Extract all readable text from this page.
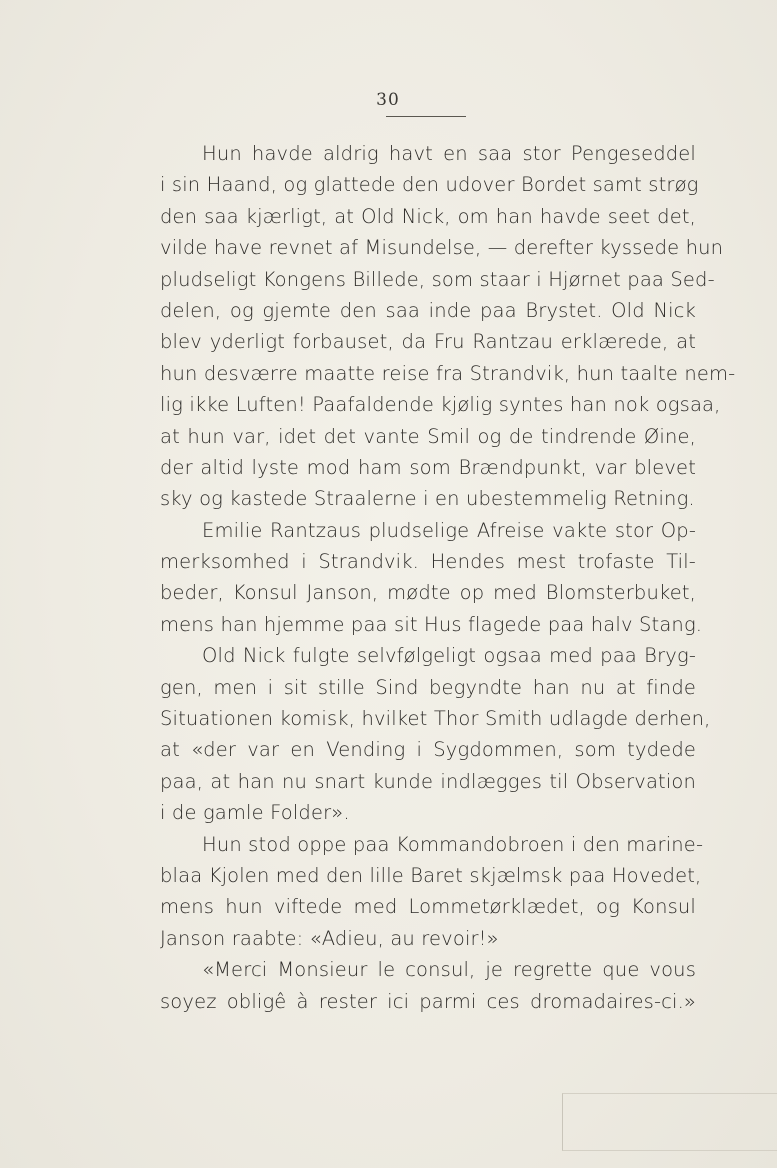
30
Hun havde aldrig havt en saa stor Pengeseddel
i sin Haand, og glattede den udover Bordet samt strøg
den saa kjærligt, at Old Nick, om han havde seet det,
vilde have revnet af Misundelse, — derefter kyssede hun
pludseligt Kongens Billede, som staar i Hjørnet paa Sed-
delen, og gjemte den saa inde paa Brystet. Old Nick
blev yderligt forbauset, da Fru Rantzau erklærede, at
hun desværre maatte reise fra Strandvik, hun taalte nem-
lig ikke Luften! Paafaldende kjølig syntes han nok ogsaa,
at hun var, idet det vante Smil og de tindrende Øine,
der altid lyste mod ham som Brændpunkt, var blevet
sky og kastede Straalerne i en ubestemmelig Retning.
Emilie Rantzaus pludselige Afreise vakte stor Op-
merksomhed i Strandvik. Hendes mest trofaste Til-
beder, Konsul Janson, mødte op med Blomsterbuket,
mens han hjemme paa sit Hus flagede paa halv Stang.
Old Nick fulgte selvfølgeligt ogsaa med paa Bryg-
gen, men i sit stille Sind begyndte han nu at finde
Situationen komisk, hvilket Thor Smith udlagde derhen,
at «der var en Vending i Sygdommen, som tydede
paa, at han nu snart kunde indlægges til Observation
i de gamle Folder».
Hun stod oppe paa Kommandobroen i den marine-
blaa Kjolen med den lille Baret skjælmsk paa Hovedet,
mens hun viftede med Lommetørklædet, og Konsul
Janson raabte: «Adieu, au revoir!»
«Merci Monsieur le consul, je regrette que vous
soyez obligê à rester ici parmi ces dromadaires-ci.»
